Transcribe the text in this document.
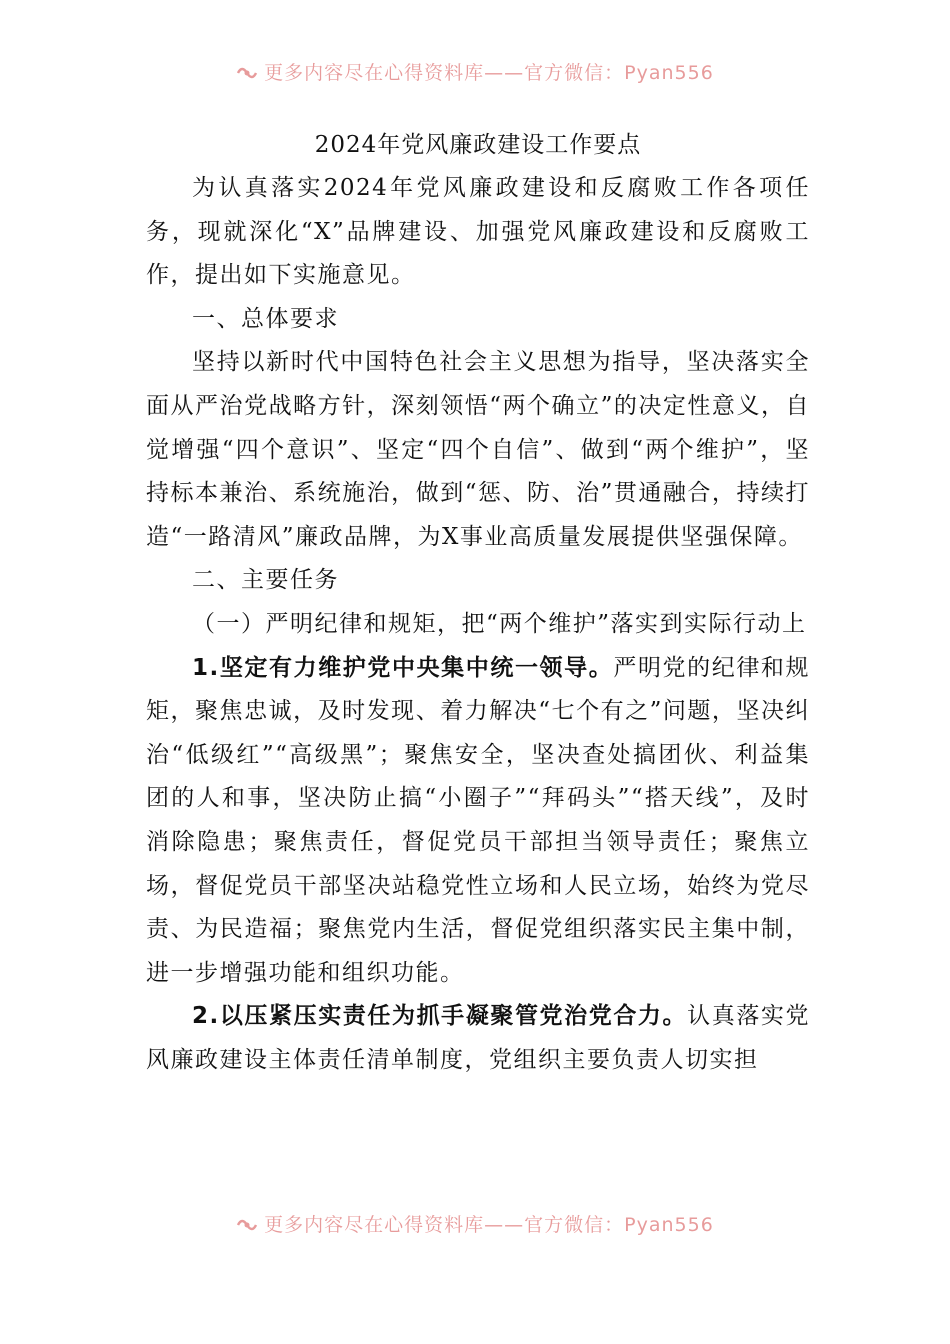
更多内容尽在心得资料库——官方微信：Pyan556
2024年党风廉政建设工作要点

为认真落实2024年党风廉政建设和反腐败工作各项任务，现就深化“X”品牌建设、加强党风廉政建设和反腐败工作，提出如下实施意见。

一、总体要求

坚持以新时代中国特色社会主义思想为指导，坚决落实全面从严治党战略方针，深刻领悟“两个确立”的决定性意义，自觉增强“四个意识”、坚定“四个自信”、做到“两个维护”，坚持标本兼治、系统施治，做到“惩、防、治”贯通融合，持续打造“一路清风”廉政品牌，为X事业高质量发展提供坚强保障。

二、主要任务

（一）严明纪律和规矩，把“两个维护”落实到实际行动上

1.坚定有力维护党中央集中统一领导。严明党的纪律和规矩，聚焦忠诚，及时发现、着力解决“七个有之”问题，坚决纠治“低级红”“高级黑”；聚焦安全，坚决查处搞团伙、利益集团的人和事，坚决防止搞“小圈子”“拜码头”“搭天线”，及时消除隐患；聚焦责任，督促党员干部担当领导责任；聚焦立场，督促党员干部坚决站稳党性立场和人民立场，始终为党尽责、为民造福；聚焦党内生活，督促党组织落实民主集中制，进一步增强功能和组织功能。

2.以压紧压实责任为抓手凝聚管党治党合力。认真落实党风廉政建设主体责任清单制度，党组织主要负责人切实担

更多内容尽在心得资料库——官方微信：Pyan556
